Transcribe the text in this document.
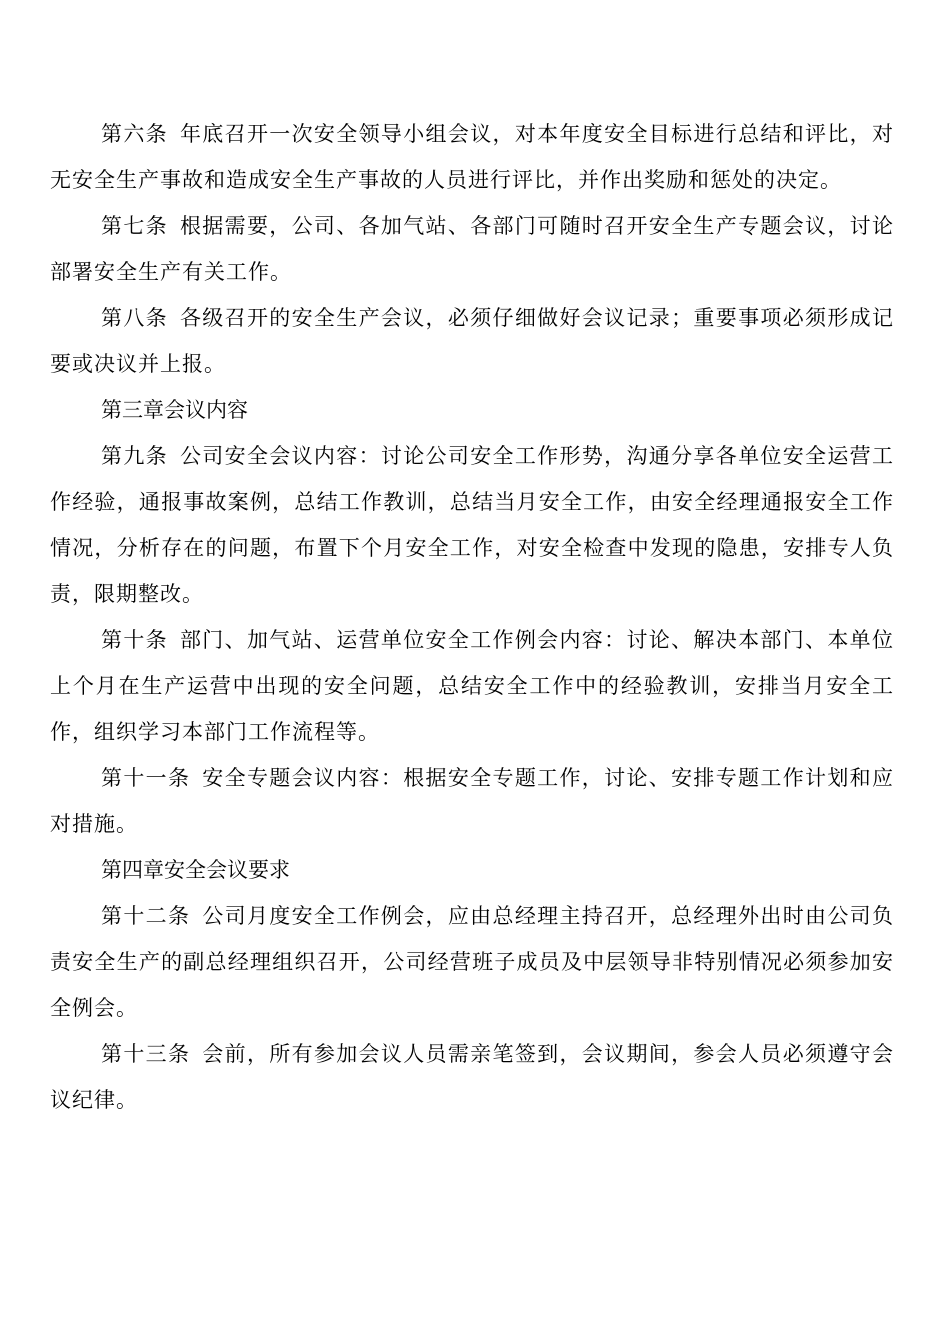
第六条 年底召开一次安全领导小组会议，对本年度安全目标进行总结和评比，对无安全生产事故和造成安全生产事故的人员进行评比，并作出奖励和惩处的决定。

第七条 根据需要，公司、各加气站、各部门可随时召开安全生产专题会议，讨论部署安全生产有关工作。

第八条 各级召开的安全生产会议，必须仔细做好会议记录；重要事项必须形成记要或决议并上报。

第三章会议内容

第九条 公司安全会议内容：讨论公司安全工作形势，沟通分享各单位安全运营工作经验，通报事故案例，总结工作教训，总结当月安全工作，由安全经理通报安全工作情况，分析存在的问题，布置下个月安全工作，对安全检查中发现的隐患，安排专人负责，限期整改。

第十条 部门、加气站、运营单位安全工作例会内容：讨论、解决本部门、本单位上个月在生产运营中出现的安全问题，总结安全工作中的经验教训，安排当月安全工作，组织学习本部门工作流程等。

第十一条 安全专题会议内容：根据安全专题工作，讨论、安排专题工作计划和应对措施。

第四章安全会议要求

第十二条 公司月度安全工作例会，应由总经理主持召开，总经理外出时由公司负责安全生产的副总经理组织召开，公司经营班子成员及中层领导非特别情况必须参加安全例会。

第十三条 会前，所有参加会议人员需亲笔签到，会议期间，参会人员必须遵守会议纪律。
